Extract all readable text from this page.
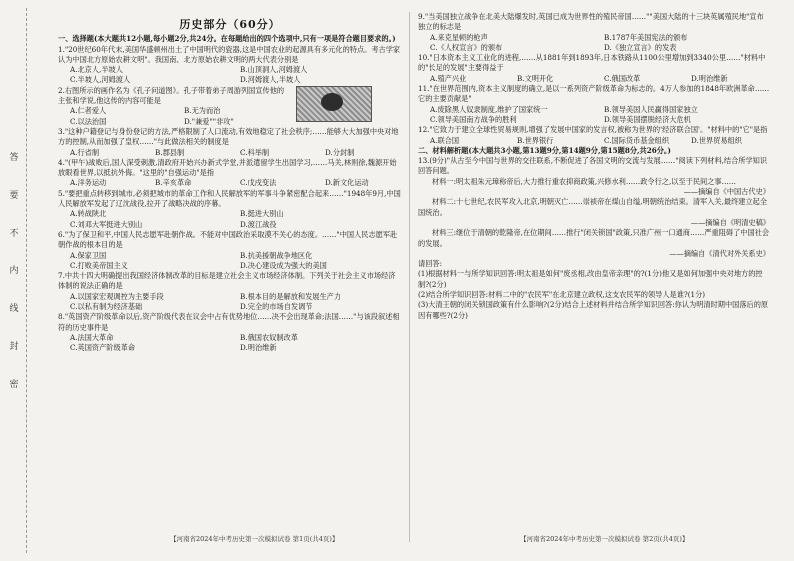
答
要
不
内
线
封
密
历史部分（60分）

一、选择题(本大题共12小题,每小题2分,共24分。在每题给出的四个选项中,只有一项是符合题目要求的。)

1."20世纪60年代末,美国华盛顿州出土了中国明代的瓷器,这是中国农业的起源具有多元化的特点。考古学家认为中国北方原始农耕文明"。我国南、北方原始农耕文明的两大代表分别是

A.北京人,半坡人	B.山顶洞人,河姆渡人
C.半坡人,河姆渡人	D.河姆渡人,半坡人

2.右图所示的画作名为《孔子问道图》。孔子带着弟子周游列国宣传他的主张和学说,他这传的内容可能是

A.仁者爱人	B.无为而治
C.以法治国	D."兼爱""非攻"

3."这种户籍登记与身份登记的方法,严格限制了人口流动,有效地稳定了社会秩序;……能够大大加强中央对地方的控制,从而加强了皇权……"与此做法相关的制度是

A.行省制	B.郡县制	C.科举制	D.分封制

4."(甲午)战败后,国人深受刺激,清政府开始兴办新式学堂,并派遣留学生出国学习,……马关,林则徐,魏源开始放眼看世界,以抵抗外侮。"这里的"自强运动"是指

A.洋务运动	B.辛亥革命	C.戊戌变法	D.新文化运动

5."要把重点转移到城市,必须把城市的革命工作和人民解放军的军事斗争紧密配合起来……"1948年9月,中国人民解放军发起了辽沈战役,拉开了战略决战的序幕。

A.转战陕北	B.挺进大别山
C.刘邓大军挺进大别山	D.渡江战役

6."为了保卫和平,中国人民志愿军赴朝作战。不能对中国政治采取漠不关心的态度。……"中国人民志愿军赴朝作战的根本目的是

A.保家卫国	B.抗美援朝战争地区化
C.打败美帝国主义	D.决心建设成为强大的美国

7.中共十四大明确提出我国经济体制改革的目标是建立社会主义市场经济体制。下列关于社会主义市场经济体制的说法正确的是

A.以国家宏观调控为主要手段	B.根本目的是解放和发展生产力
C.以私有制为经济基础	D.完全的市场自发调节

8."英国资产阶级革命以后,资产阶级代表在议会中占有优势地位……决不会出现革命;法国……"与该段叙述相符的历史事件是

A.法国大革命	B.俄国农奴制改革
C.英国资产阶级革命	D.明治维新

9."当美国独立战争在北美大陆爆发时,英国已成为世界性的殖民帝国……""美国大陆的十三块英属殖民地"宣布独立的标志是

A.来克星顿的枪声	B.1787年美国宪法的颁布
C.《人权宣言》的颁布	D.《独立宣言》的发表

10."日本资本主义工业化的进程,……从1881年到1893年,日本铁路从1100公里增加到3340公里……"材料中的"长足的发展"主要得益于

A.殖产兴业	B.文明开化	C.俄国改革	D.明治维新

11."在世界范围内,资本主义制度的确立,是以一系列资产阶级革命为标志的。4万人参加的1848年欧洲革命……它的主要贡献是"

A.废除黑人奴隶制度,维护了国家统一	B.领导美国人民赢得国家独立
C.领导美国南方战争的胜利	D.领导美国摆脱经济大危机

12."它致力于建立全球性贸易规则,增强了发展中国家的发言权,被称为世界的'经济联合国'。"材料中的"它"是指

A.联合国	B.世界银行	C.国际货币基金组织	D.世界贸易组织

二、材料解析题(本大题共3小题,第13题9分,第14题9分,第15题8分,共26分。)

13.(9分)"从古至今中国与世界的交往联系,不断促进了各国文明的交流与发展……"阅读下列材料,结合所学知识回答问题。

材料一:明太祖朱元璋称帝后,大力推行重农抑商政策,兴修水利……政令行之,以至于民间之事……

——摘编自《中国古代史》

材料二:十七世纪,农民军攻入北京,明朝灭亡……崇祯帝在煤山自缢,明朝统治结束。清军入关,最终建立起全国统治。

——摘编自《明清史稿》

材料三:继位于清朝的乾隆帝,在位期间……推行"闭关锁国"政策,只准广州一口通商……严重阻碍了中国社会的发展。

——摘编自《清代对外关系史》

请回答:

(1)根据材料一与所学知识回答:明太祖是如何"废丞相,改由皇帝亲理"的?(1分)他又是如何加强中央对地方的控制?(2分)

(2)结合所学知识回答:材料二中的"农民军"在北京建立政权,这支农民军的领导人是谁?(1分)

(3)大清王朝的闭关锁国政策有什么影响?(2分)结合上述材料并结合所学知识回答:你认为明清时期中国落后的原因有哪些?(2分)

【河南省2024年中考历史第一次模拟试卷 第1页(共4页)】	【河南省2024年中考历史第一次模拟试卷 第2页(共4页)】
